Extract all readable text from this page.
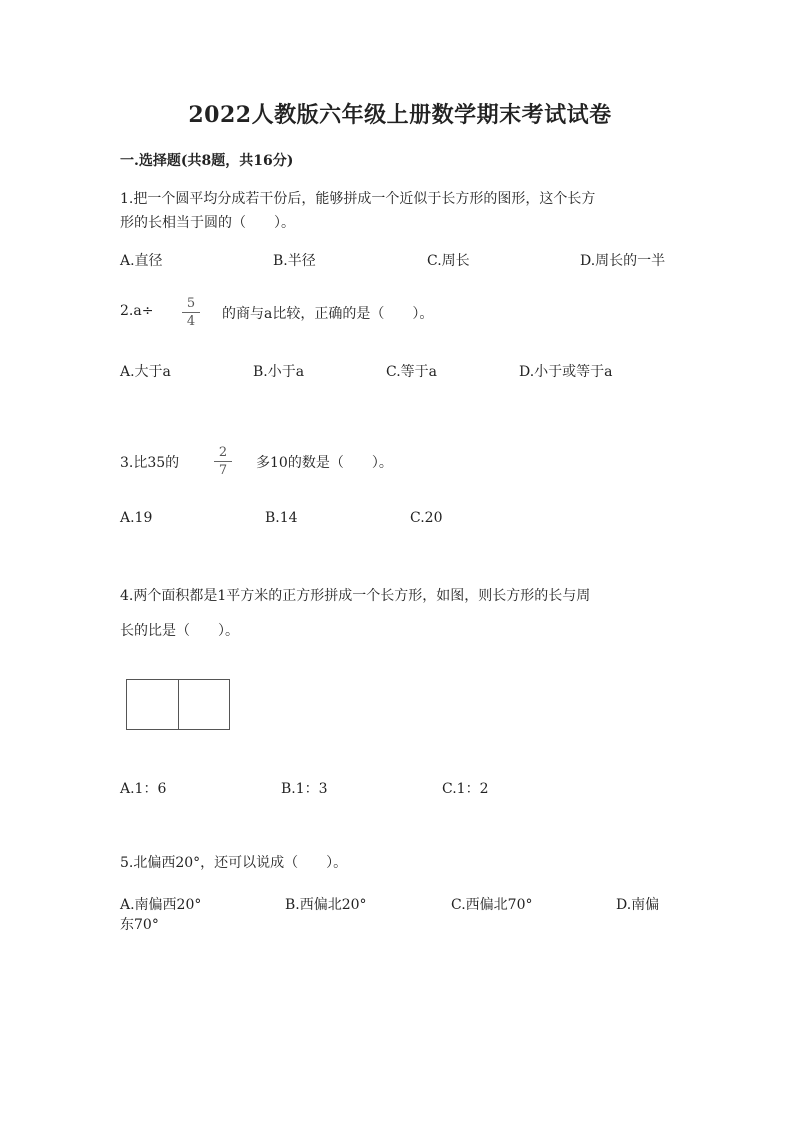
2022人教版六年级上册数学期末考试试卷
一.选择题(共8题，共16分)
1.把一个圆平均分成若干份后，能够拼成一个近似于长方形的图形，这个长方
形的长相当于圆的（　　）。
A.直径	B.半径	C.周长	D.周长的一半
2.a÷	5
4	的商与a比较，正确的是（　　）。
A.大于a	B.小于a	C.等于a	D.小于或等于a
3.比35的
2
7	多10的数是（　　）。
A.19	B.14	C.20
4.两个面积都是1平方米的正方形拼成一个长方形，如图，则长方形的长与周
长的比是（　　）。
A.1：6	B.1：3	C.1：2
5.北偏西20°，还可以说成（　　）。
A.南偏西20°	B.西偏北20°	C.西偏北70°	D.南偏
东70°
